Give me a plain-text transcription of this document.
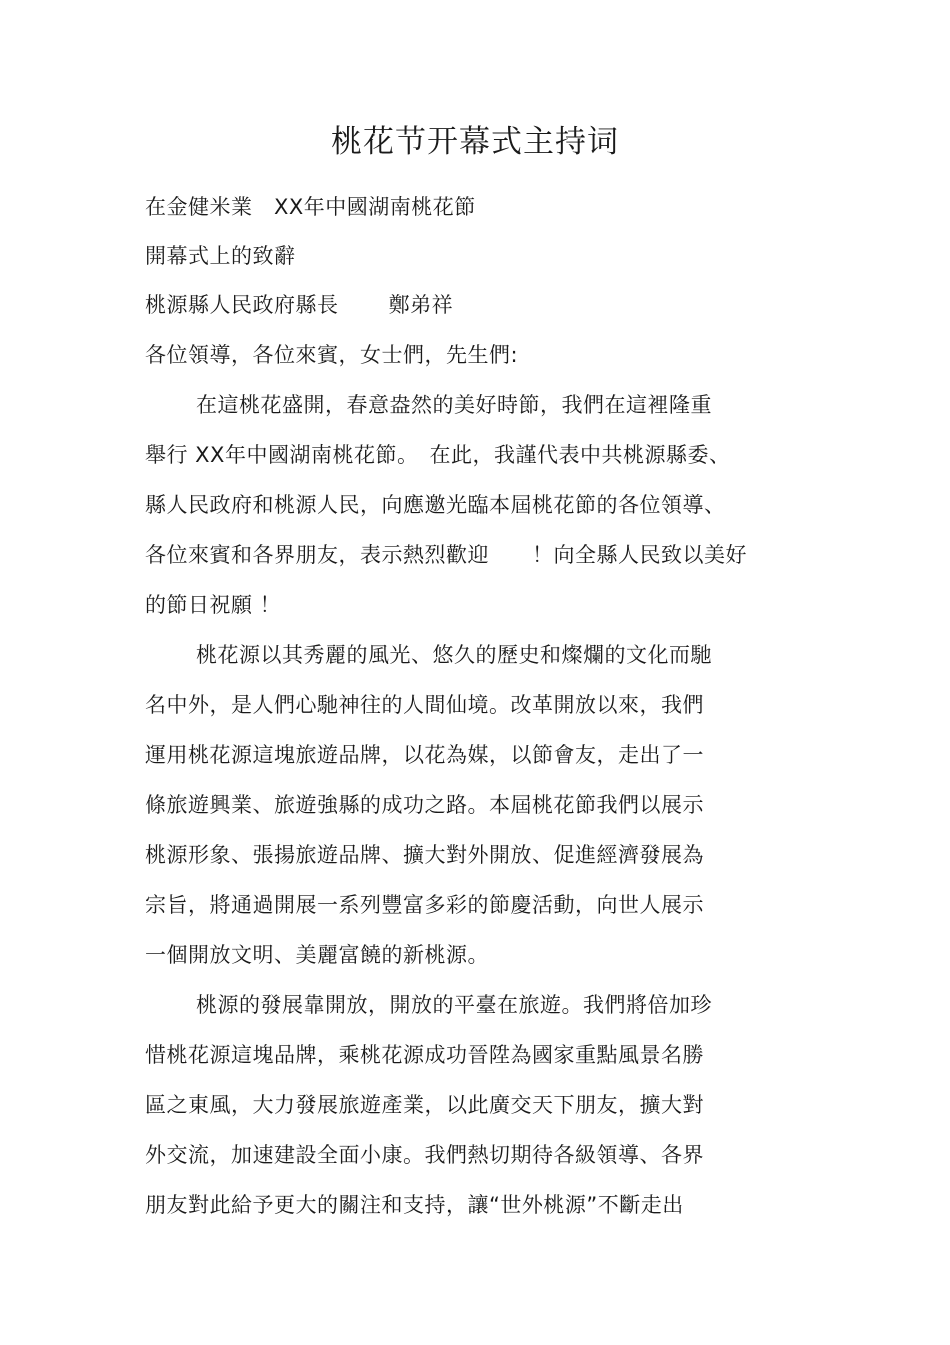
桃花节开幕式主持词

在金健米業　XX年中國湖南桃花節

開幕式上的致辭

桃源縣人民政府縣長　　 鄭弟祥

各位領導，各位來賓，女士們，先生們:

在這桃花盛開，春意盎然的美好時節，我們在這裡隆重

舉行 XX年中國湖南桃花節。　在此，我謹代表中共桃源縣委、

縣人民政府和桃源人民，向應邀光臨本屆桃花節的各位領導、

各位來賓和各界朋友，表示熱烈歡迎　　！向全縣人民致以美好

的節日祝願 ！

桃花源以其秀麗的風光、悠久的歷史和燦爛的文化而馳

名中外，是人們心馳神往的人間仙境。改革開放以來，我們

運用桃花源這塊旅遊品牌，以花為媒，以節會友，走出了一

條旅遊興業、旅遊強縣的成功之路。本屆桃花節我們以展示

桃源形象、張揚旅遊品牌、擴大對外開放、促進經濟發展為

宗旨，將通過開展一系列豐富多彩的節慶活動，向世人展示

一個開放文明、美麗富饒的新桃源。

桃源的發展靠開放，開放的平臺在旅遊。我們將倍加珍

惜桃花源這塊品牌，乘桃花源成功晉陞為國家重點風景名勝

區之東風，大力發展旅遊產業，以此廣交天下朋友，擴大對

外交流，加速建設全面小康。我們熱切期待各級領導、各界

朋友對此給予更大的關注和支持，讓“世外桃源”不斷走出
